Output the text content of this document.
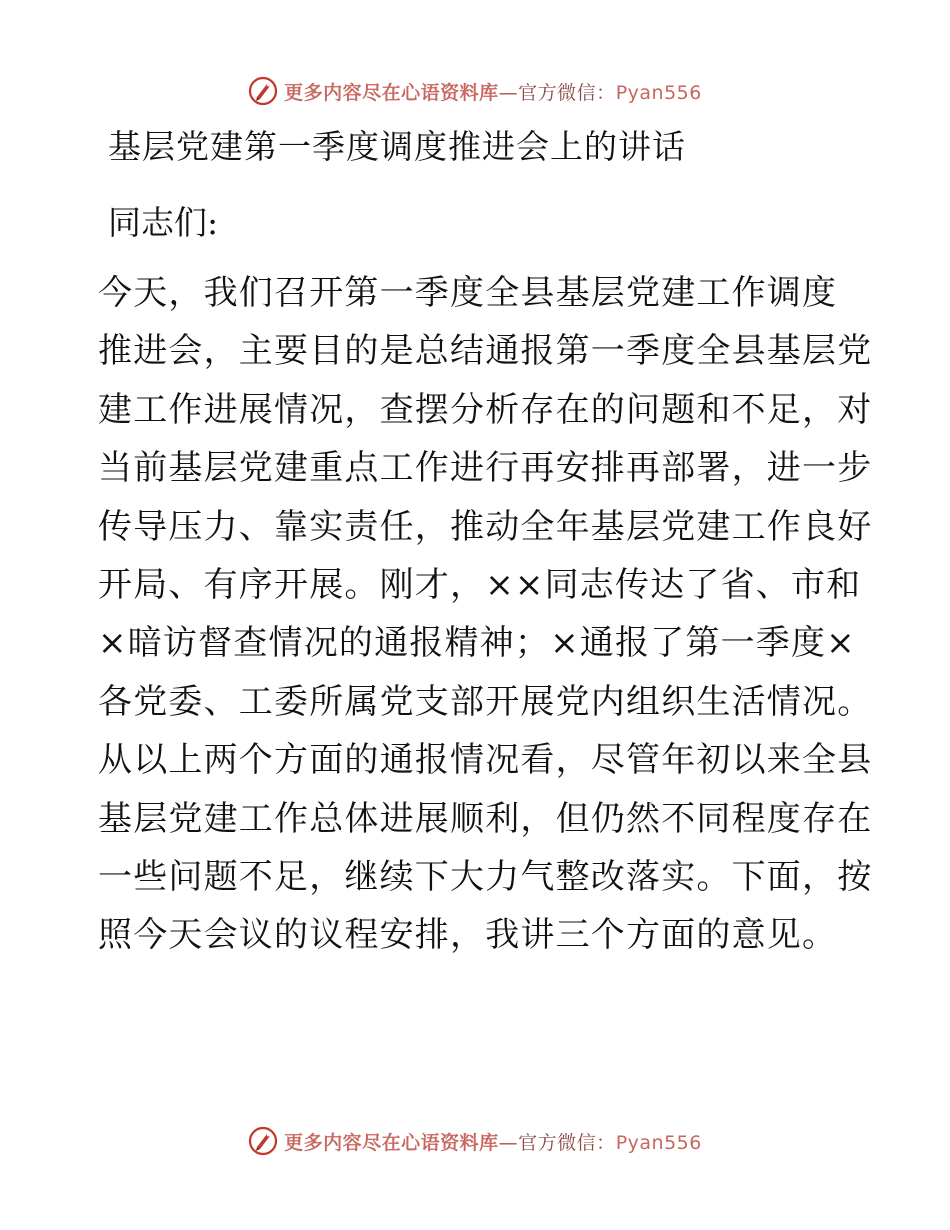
更多内容尽在心语资料库—官方微信：Pyan556
基层党建第一季度调度推进会上的讲话
同志们:
今天，我们召开第一季度全县基层党建工作调度
推进会，主要目的是总结通报第一季度全县基层党
建工作进展情况，查摆分析存在的问题和不足，对
当前基层党建重点工作进行再安排再部署，进一步
传导压力、靠实责任，推动全年基层党建工作良好
开局、有序开展。刚才，××同志传达了省、市和
×暗访督查情况的通报精神；×通报了第一季度×
各党委、工委所属党支部开展党内组织生活情况。
从以上两个方面的通报情况看，尽管年初以来全县
基层党建工作总体进展顺利，但仍然不同程度存在
一些问题不足，继续下大力气整改落实。下面，按
照今天会议的议程安排，我讲三个方面的意见。
更多内容尽在心语资料库—官方微信：Pyan556
